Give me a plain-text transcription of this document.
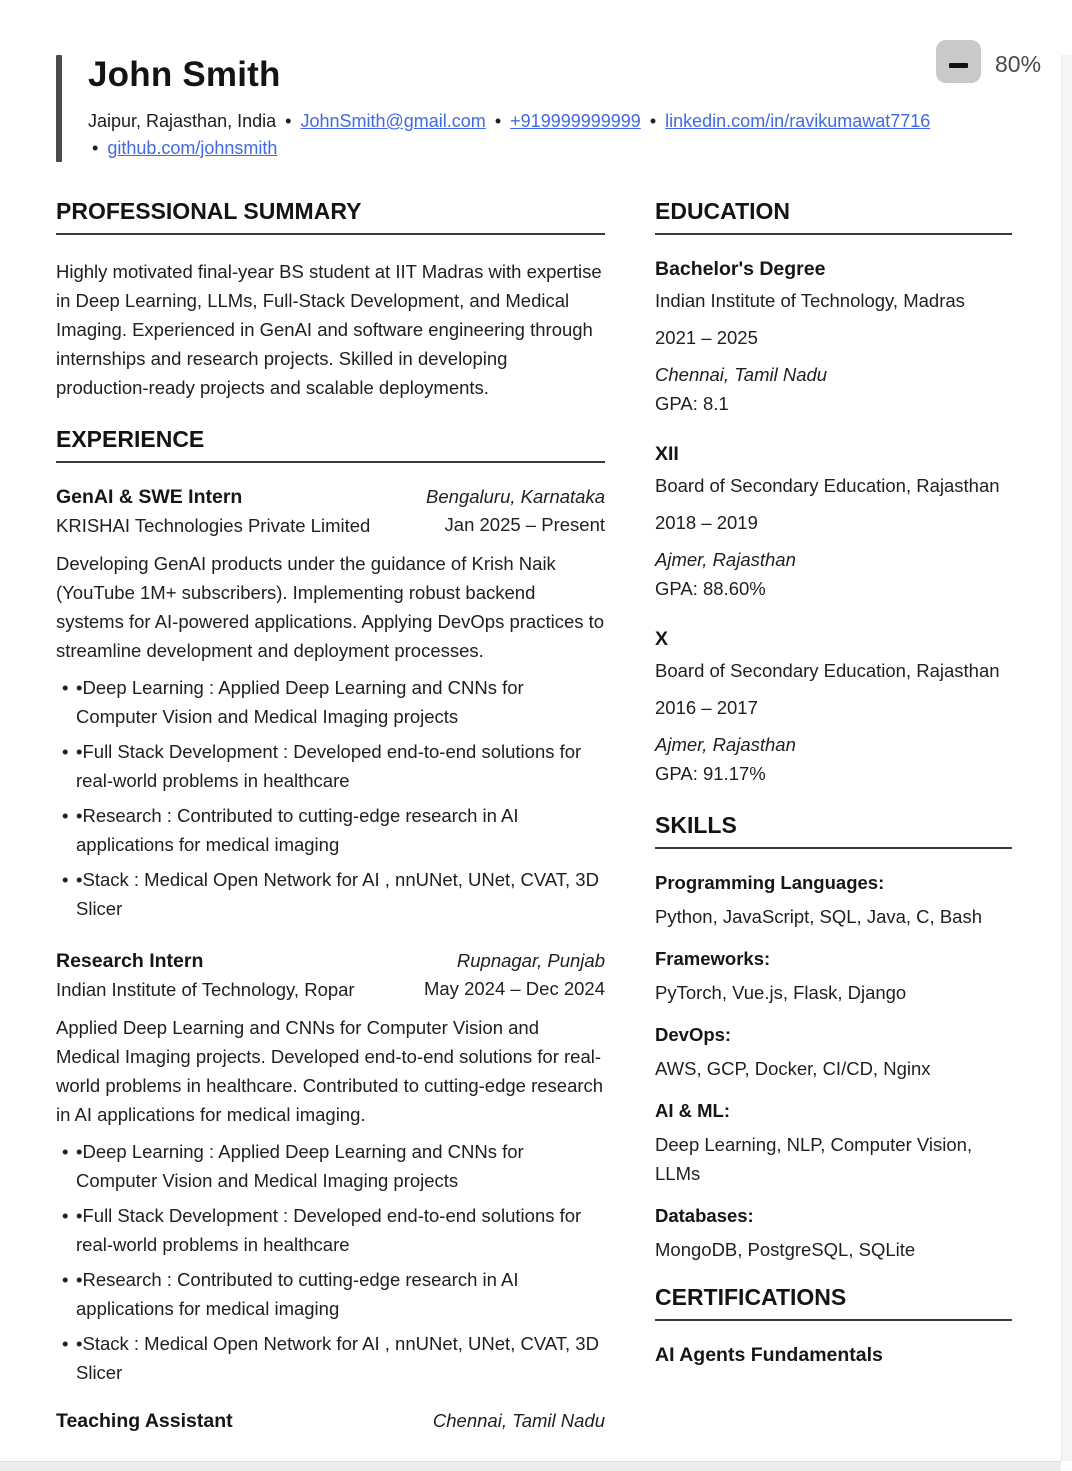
80%
John Smith
Jaipur, Rajasthan, India • JohnSmith@gmail.com • +919999999999 • linkedin.com/in/ravikumawat7716 • github.com/johnsmith
PROFESSIONAL SUMMARY

Highly motivated final-year BS student at IIT Madras with expertise in Deep Learning, LLMs, Full-Stack Development, and Medical Imaging. Experienced in GenAI and software engineering through internships and research projects. Skilled in developing production-ready projects and scalable deployments.

EXPERIENCE
GenAI & SWE Intern
KRISHAI Technologies Private Limited
Bengaluru, Karnataka
Jan 2025 – Present

Developing GenAI products under the guidance of Krish Naik (YouTube 1M+ subscribers). Implementing robust backend systems for AI-powered applications. Applying DevOps practices to streamline development and deployment processes.

• •Deep Learning : Applied Deep Learning and CNNs for Computer Vision and Medical Imaging projects
• •Full Stack Development : Developed end-to-end solutions for real-world problems in healthcare
• •Research : Contributed to cutting-edge research in AI applications for medical imaging
• •Stack : Medical Open Network for AI , nnUNet, UNet, CVAT, 3D Slicer
Research Intern
Indian Institute of Technology, Ropar
Rupnagar, Punjab
May 2024 – Dec 2024

Applied Deep Learning and CNNs for Computer Vision and Medical Imaging projects. Developed end-to-end solutions for real-world problems in healthcare. Contributed to cutting-edge research in AI applications for medical imaging.

• •Deep Learning : Applied Deep Learning and CNNs for Computer Vision and Medical Imaging projects
• •Full Stack Development : Developed end-to-end solutions for real-world problems in healthcare
• •Research : Contributed to cutting-edge research in AI applications for medical imaging
• •Stack : Medical Open Network for AI , nnUNet, UNet, CVAT, 3D Slicer
Teaching Assistant	Chennai, Tamil Nadu
EDUCATION
Bachelor's Degree
Indian Institute of Technology, Madras
2021 – 2025
Chennai, Tamil Nadu
GPA: 8.1
XII
Board of Secondary Education, Rajasthan
2018 – 2019
Ajmer, Rajasthan
GPA: 88.60%
X
Board of Secondary Education, Rajasthan
2016 – 2017
Ajmer, Rajasthan
GPA: 91.17%
SKILLS
Programming Languages:
Python, JavaScript, SQL, Java, C, Bash
Frameworks:
PyTorch, Vue.js, Flask, Django
DevOps:
AWS, GCP, Docker, CI/CD, Nginx
AI & ML:
Deep Learning, NLP, Computer Vision, LLMs
Databases:
MongoDB, PostgreSQL, SQLite
CERTIFICATIONS
AI Agents Fundamentals
